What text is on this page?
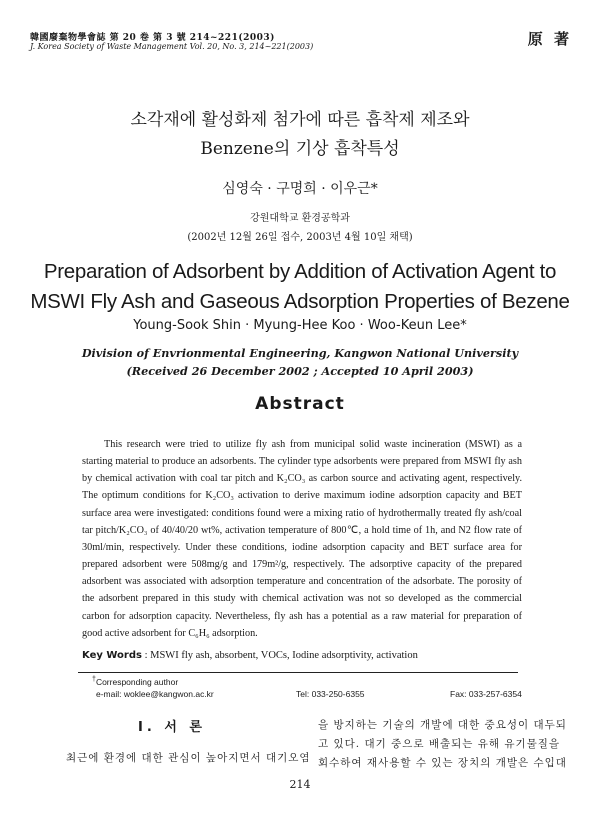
韓國廢棄物學會誌 第 20 卷 第 3 號 214~221(2003)
J. Korea Society of Waste Management Vol. 20, No. 3, 214~221(2003)	原 著
소각재에 활성화제 첨가에 따른 흡착제 제조와
Benzene의 기상 흡착특성
심영숙 · 구명희 · 이우근*
강원대학교 환경공학과
(2002년 12월 26일 접수, 2003년 4월 10일 채택)
Preparation of Adsorbent by Addition of Activation Agent to
MSWI Fly Ash and Gaseous Adsorption Properties of Bezene
Young-Sook Shin · Myung-Hee Koo · Woo-Keun Lee*
Division of Envrionmental Engineering, Kangwon National University
(Received 26 December 2002 ; Accepted 10 April 2003)
Abstract

This research were tried to utilize fly ash from municipal solid waste incineration (MSWI) as a starting material to produce an adsorbents. The cylinder type adsorbents were prepared from MSWI fly ash by chemical activation with coal tar pitch and K₂CO₃ as carbon source and activating agent, respectively. The optimum conditions for K₂CO₃ activation to derive maximum iodine adsorption capacity and BET surface area were investigated: conditions found were a mixing ratio of hydrothermally treated fly ash/coal tar pitch/K₂CO₃ of 40/40/20 wt%, activation temperature of 800℃, a hold time of 1h, and N2 flow rate of 30ml/min, respectively. Under these conditions, iodine adsorption capacity and BET surface area for prepared adsorbent were 508mg/g and 179m²/g, respectively. The adsorptive capacity of the prepared adsorbent was associated with adsorption temperature and concentration of the adsorbate. The porosity of the adsorbent prepared in this study with chemical activation was not so developed as the commercial carbon for adsorption capacity. Nevertheless, fly ash has a potential as a raw material for preparation of good active adsorbent for C₆H₆ adsorption.

Key Words : MSWI fly ash, absorbent, VOCs, Iodine adsorptivity, activation
†Corresponding author
e-mail: woklee@kangwon.ac.kr	Tel: 033-250-6355	Fax: 033-257-6354
Ⅰ. 서 론
최근에 환경에 대한 관심이 높아지면서 대기오염
을 방지하는 기술의 개발에 대한 중요성이 대두되
고 있다. 대기 중으로 배출되는 유해 유기물질을
회수하여 재사용할 수 있는 장치의 개발은 수입대
214
